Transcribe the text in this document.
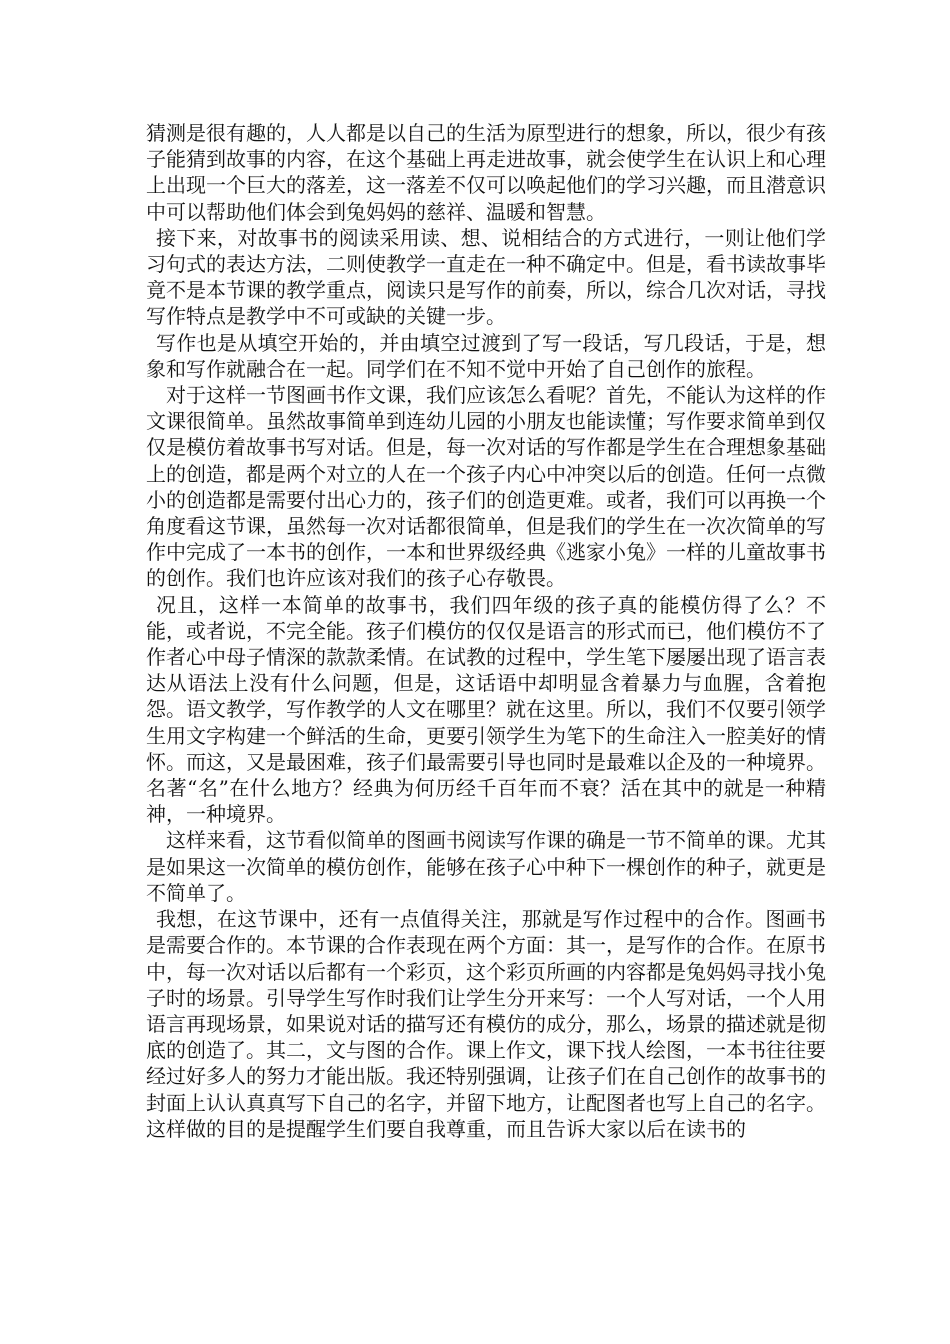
猜测是很有趣的，人人都是以自己的生活为原型进行的想象，所以，很少有孩子能猜到故事的内容，在这个基础上再走进故事，就会使学生在认识上和心理上出现一个巨大的落差，这一落差不仅可以唤起他们的学习兴趣，而且潜意识中可以帮助他们体会到兔妈妈的慈祥、温暖和智慧。

接下来，对故事书的阅读采用读、想、说相结合的方式进行，一则让他们学习句式的表达方法，二则使教学一直走在一种不确定中。但是，看书读故事毕竟不是本节课的教学重点，阅读只是写作的前奏，所以，综合几次对话，寻找写作特点是教学中不可或缺的关键一步。

写作也是从填空开始的，并由填空过渡到了写一段话，写几段话，于是，想象和写作就融合在一起。同学们在不知不觉中开始了自己创作的旅程。

对于这样一节图画书作文课，我们应该怎么看呢？首先，不能认为这样的作文课很简单。虽然故事简单到连幼儿园的小朋友也能读懂；写作要求简单到仅仅是模仿着故事书写对话。但是，每一次对话的写作都是学生在合理想象基础上的创造，都是两个对立的人在一个孩子内心中冲突以后的创造。任何一点微小的创造都是需要付出心力的，孩子们的创造更难。或者，我们可以再换一个角度看这节课，虽然每一次对话都很简单，但是我们的学生在一次次简单的写作中完成了一本书的创作，一本和世界级经典《逃家小兔》一样的儿童故事书的创作。我们也许应该对我们的孩子心存敬畏。

况且，这样一本简单的故事书，我们四年级的孩子真的能模仿得了么？不能，或者说，不完全能。孩子们模仿的仅仅是语言的形式而已，他们模仿不了作者心中母子情深的款款柔情。在试教的过程中，学生笔下屡屡出现了语言表达从语法上没有什么问题，但是，这话语中却明显含着暴力与血腥，含着抱怨。语文教学，写作教学的人文在哪里？就在这里。所以，我们不仅要引领学生用文字构建一个鲜活的生命，更要引领学生为笔下的生命注入一腔美好的情怀。而这，又是最困难，孩子们最需要引导也同时是最难以企及的一种境界。名著“名”在什么地方？经典为何历经千百年而不衰？活在其中的就是一种精神，一种境界。

这样来看，这节看似简单的图画书阅读写作课的确是一节不简单的课。尤其是如果这一次简单的模仿创作，能够在孩子心中种下一棵创作的种子，就更是不简单了。

我想，在这节课中，还有一点值得关注，那就是写作过程中的合作。图画书是需要合作的。本节课的合作表现在两个方面：其一，是写作的合作。在原书中，每一次对话以后都有一个彩页，这个彩页所画的内容都是兔妈妈寻找小兔子时的场景。引导学生写作时我们让学生分开来写：一个人写对话，一个人用语言再现场景，如果说对话的描写还有模仿的成分，那么，场景的描述就是彻底的创造了。其二，文与图的合作。课上作文，课下找人绘图，一本书往往要经过好多人的努力才能出版。我还特别强调，让孩子们在自己创作的故事书的封面上认认真真写下自己的名字，并留下地方，让配图者也写上自己的名字。这样做的目的是提醒学生们要自我尊重，而且告诉大家以后在读书的
